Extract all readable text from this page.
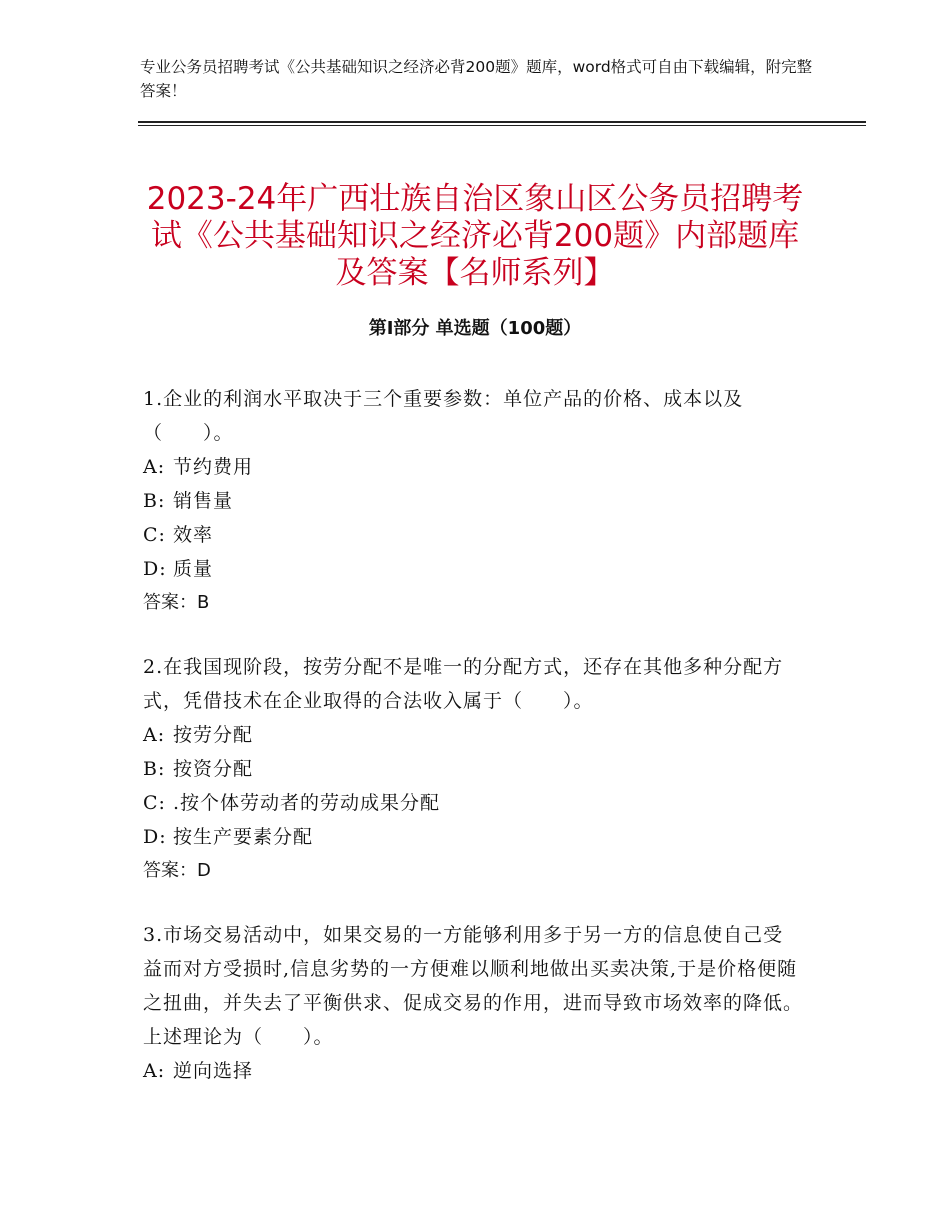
专业公务员招聘考试《公共基础知识之经济必背200题》题库，word格式可自由下载编辑，附完整答案！
2023-24年广西壮族自治区象山区公务员招聘考试《公共基础知识之经济必背200题》内部题库及答案【名师系列】
第Ⅰ部分 单选题（100题）

1.企业的利润水平取决于三个重要参数：单位产品的价格、成本以及（　　）。

A: 节约费用

B: 销售量

C: 效率

D: 质量

答案：B

2.在我国现阶段，按劳分配不是唯一的分配方式，还存在其他多种分配方式，凭借技术在企业取得的合法收入属于（　　）。

A: 按劳分配

B: 按资分配

C: .按个体劳动者的劳动成果分配

D: 按生产要素分配

答案：D

3.市场交易活动中，如果交易的一方能够利用多于另一方的信息使自己受益而对方受损时,信息劣势的一方便难以顺利地做出买卖决策,于是价格便随之扭曲，并失去了平衡供求、促成交易的作用，进而导致市场效率的降低。上述理论为（　　）。

A: 逆向选择
